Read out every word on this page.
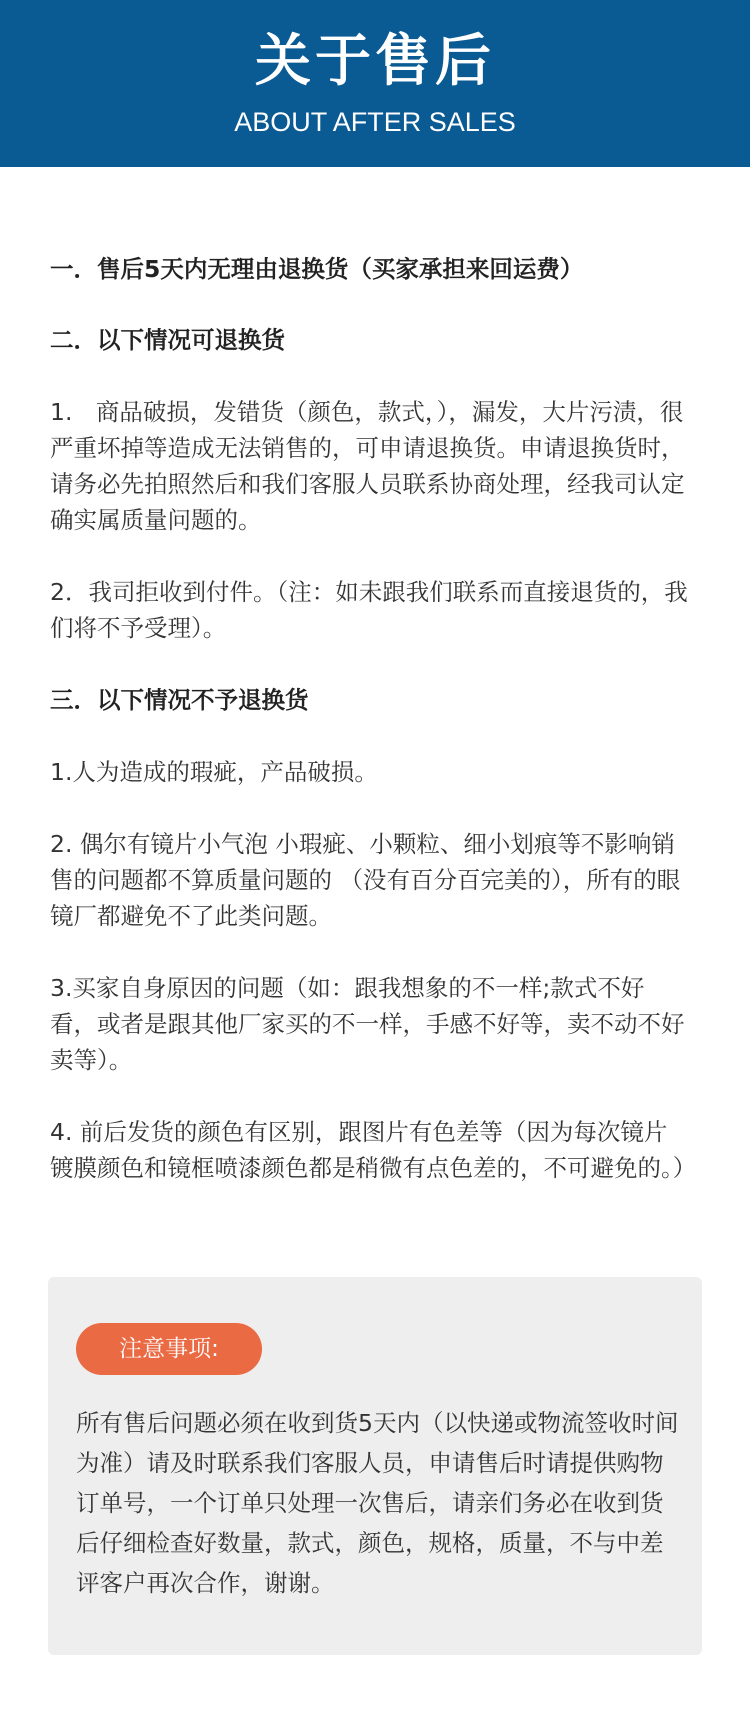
关于售后
ABOUT AFTER SALES
一．售后5天内无理由退换货（买家承担来回运费）
二．以下情况可退换货
1.　商品破损，发错货（颜色，款式，），漏发，大片污渍，很严重坏掉等造成无法销售的，可申请退换货。申请退换货时，请务必先拍照然后和我们客服人员联系协商处理，经我司认定确实属质量问题的。
2．我司拒收到付件。（注：如未跟我们联系而直接退货的，我们将不予受理）。
三．以下情况不予退换货
1.人为造成的瑕疵，产品破损。
2. 偶尔有镜片小气泡 小瑕疵、小颗粒、细小划痕等不影响销售的问题都不算质量问题的 （没有百分百完美的），所有的眼镜厂都避免不了此类问题。
3.买家自身原因的问题（如：跟我想象的不一样;款式不好看，或者是跟其他厂家买的不一样，手感不好等，卖不动不好卖等）。
4. 前后发货的颜色有区别，跟图片有色差等（因为每次镜片镀膜颜色和镜框喷漆颜色都是稍微有点色差的，不可避免的。）
注意事项:
所有售后问题必须在收到货5天内（以快递或物流签收时间为准）请及时联系我们客服人员，申请售后时请提供购物订单号，一个订单只处理一次售后，请亲们务必在收到货后仔细检查好数量，款式，颜色，规格，质量，不与中差评客户再次合作，谢谢。
